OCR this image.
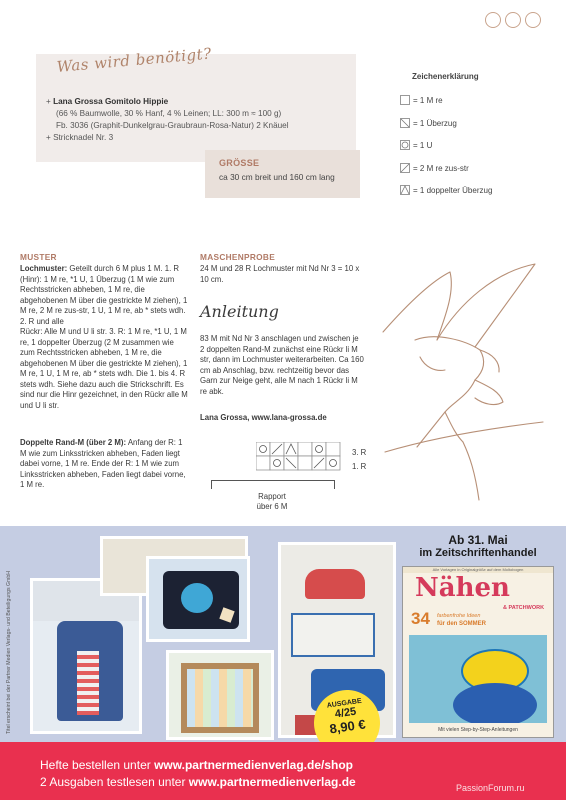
Was wird benötigt?
+ Lana Grossa Gomitolo Hippie
(66 % Baumwolle, 30 % Hanf, 4 % Leinen; LL: 300 m ≈ 100 g)
Fb. 3036 (Graphit-Dunkelgrau-Graubraun-Rosa-Natur) 2 Knäuel
+ Stricknadel Nr. 3
GRÖSSE
ca 30 cm breit und 160 cm lang
Zeichenerklärung
= 1 M re
= 1 Überzug
= 1 U
= 2 M re zus-str
= 1 doppelter Überzug
MUSTER
Lochmuster: Geteilt durch 6 M plus 1 M. 1. R (Hinr): 1 M re, *1 U, 1 Überzug (1 M wie zum Rechtsstricken abheben, 1 M re, die abgehobenen M über die gestrickte M ziehen), 1 M re, 2 M re zus-str, 1 U, 1 M re, ab * stets wdh. 2. R und alle
Rückr: Alle M und U li str. 3. R: 1 M re, *1 U, 1 M re, 1 doppelter Überzug (2 M zusammen wie zum Rechtsstricken abheben, 1 M re, die abgehobenen M über die gestrickte M ziehen), 1 M re, 1 U, 1 M re, ab * stets wdh. Die 1. bis 4. R stets wdh. Siehe dazu auch die Strickschrift. Es sind nur die Hinr gezeichnet, in den Rückr alle M und U li str.
Doppelte Rand-M (über 2 M): Anfang der R: 1 M wie zum Linksstricken abheben, Faden liegt dabei vorne, 1 M re. Ende der R: 1 M wie zum Linksstricken abheben, Faden liegt dabei vorne, 1 M re.
MASCHENPROBE
24 M und 28 R Lochmuster mit Nd Nr 3 = 10 x 10 cm.
Anleitung
83 M mit Nd Nr 3 anschlagen und zwischen je 2 doppelten Rand-M zunächst eine Rückr li M str, dann im Lochmuster weiterarbeiten. Ca 160 cm ab Anschlag, bzw. rechtzeitig bevor das Garn zur Neige geht, alle M nach 1 Rückr li M re abk.
Lana Grossa, www.lana-grossa.de
3. R
1. R
Rapport
über 6 M
Titel erscheint bei der Partner Medien Verlags- und Beteiligungs GmbH	AUSGABE
4/25
8,90 €
Ab 31. Mai
im Zeitschriftenhandel
Alle Vorlagen in Originalgröße auf dem Moltobogen
Nähen
& PATCHWORK
34 farbenfrohe Ideen
für den SOMMER
Mit vielen Step-by-Step-Anleitungen
Hefte bestellen unter www.partnermedienverlag.de/shop
2 Ausgaben testlesen unter www.partnermedienverlag.de	PassionForum.ru
